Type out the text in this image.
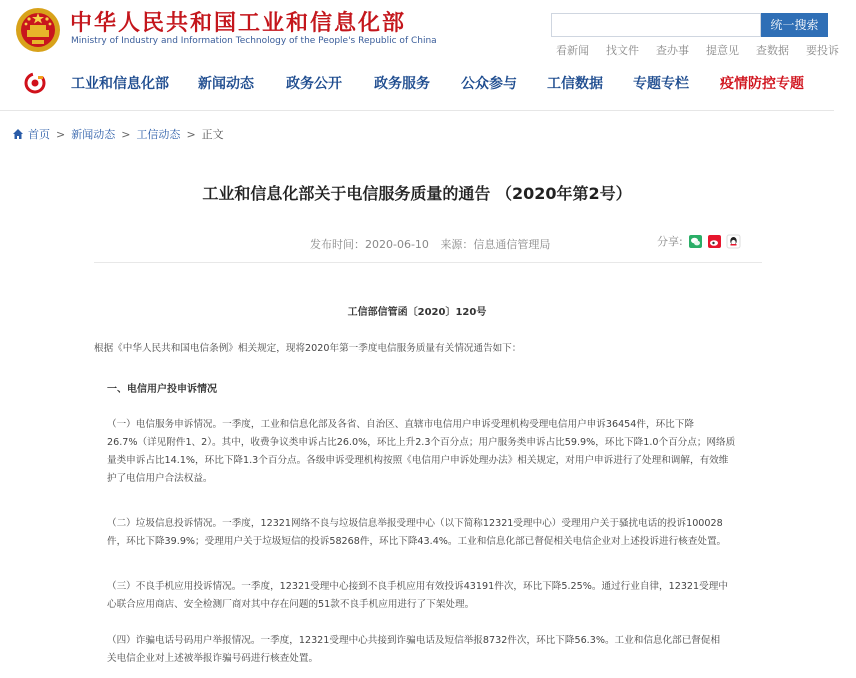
中华人民共和国工业和信息化部
Ministry of Industry and Information Technology of the People's Republic of China
统一搜索
看新闻 找文件 查办事 提意见 查数据 要投诉
工业和信息化部 新闻动态 政务公开 政务服务 公众参与 工信数据 专题专栏 疫情防控专题
首页 > 新闻动态 > 工信动态 > 正文
工业和信息化部关于电信服务质量的通告 （2020年第2号）
发布时间：2020-06-10 来源：信息通信管理局	分享:
工信部信管函〔2020〕120号
根据《中华人民共和国电信条例》相关规定，现将2020年第一季度电信服务质量有关情况通告如下：
一、电信用户投申诉情况
（一）电信服务申诉情况。一季度，工业和信息化部及各省、自治区、直辖市电信用户申诉受理机构受理电信用户申诉36454件，环比下降
26.7%（详见附件1、2）。其中，收费争议类申诉占比26.0%，环比上升2.3个百分点；用户服务类申诉占比59.9%，环比下降1.0个百分点；网络质
量类申诉占比14.1%，环比下降1.3个百分点。各级申诉受理机构按照《电信用户申诉处理办法》相关规定，对用户申诉进行了处理和调解，有效维
护了电信用户合法权益。
（二）垃圾信息投诉情况。一季度，12321网络不良与垃圾信息举报受理中心（以下简称12321受理中心）受理用户关于骚扰电话的投诉100028
件，环比下降39.9%；受理用户关于垃圾短信的投诉58268件，环比下降43.4%。工业和信息化部已督促相关电信企业对上述投诉进行核查处置。
（三）不良手机应用投诉情况。一季度，12321受理中心接到不良手机应用有效投诉43191件次，环比下降5.25%。通过行业自律，12321受理中
心联合应用商店、安全检测厂商对其中存在问题的51款不良手机应用进行了下架处理。
（四）诈骗电话号码用户举报情况。一季度，12321受理中心共接到诈骗电话及短信举报8732件次，环比下降56.3%。工业和信息化部已督促相
关电信企业对上述被举报诈骗号码进行核查处置。
